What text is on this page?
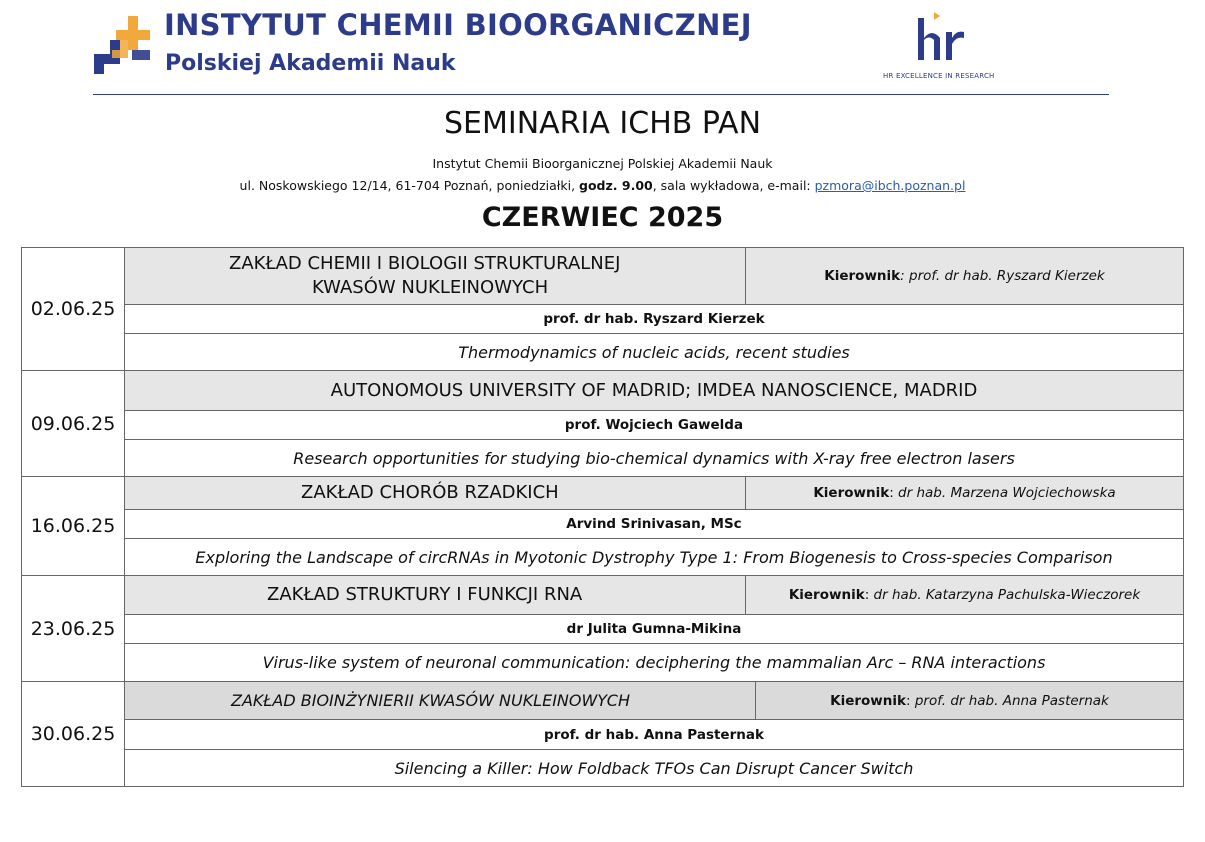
INSTYTUT CHEMII BIOORGANICZNEJ
Polskiej Akademii Nauk	HR EXCELLENCE IN RESEARCH
SEMINARIA ICHB PAN
Instytut Chemii Bioorganicznej Polskiej Akademii Nauk
ul. Noskowskiego 12/14, 61-704 Poznań, poniedziałki, godz. 9.00, sala wykładowa, e-mail: pzmora@ibch.poznan.pl
CZERWIEC 2025
02.06.25	ZAKŁAD CHEMII I BIOLOGII STRUKTURALNEJ
KWASÓW NUKLEINOWYCH	Kierownik: prof. dr hab. Ryszard Kierzek	
	prof. dr hab. Ryszard Kierzek		
	Thermodynamics of nucleic acids, recent studies		
09.06.25	AUTONOMOUS UNIVERSITY OF MADRID; IMDEA NANOSCIENCE, MADRID		
	prof. Wojciech Gawelda		
	Research opportunities for studying bio-chemical dynamics with X-ray free electron lasers		
16.06.25	ZAKŁAD CHORÓB RZADKICH	Kierownik: dr hab. Marzena Wojciechowska	
	Arvind Srinivasan, MSc		
	Exploring the Landscape of circRNAs in Myotonic Dystrophy Type 1: From Biogenesis to Cross-species Comparison		
23.06.25	ZAKŁAD STRUKTURY I FUNKCJI RNA	Kierownik: dr hab. Katarzyna Pachulska-Wieczorek	
	dr Julita Gumna-Mikina		
	Virus-like system of neuronal communication: deciphering the mammalian Arc – RNA interactions		
30.06.25	ZAKŁAD BIOINŻYNIERII KWASÓW NUKLEINOWYCH		Kierownik: prof. dr hab. Anna Pasternak
	prof. dr hab. Anna Pasternak		
	Silencing a Killer: How Foldback TFOs Can Disrupt Cancer Switch		
